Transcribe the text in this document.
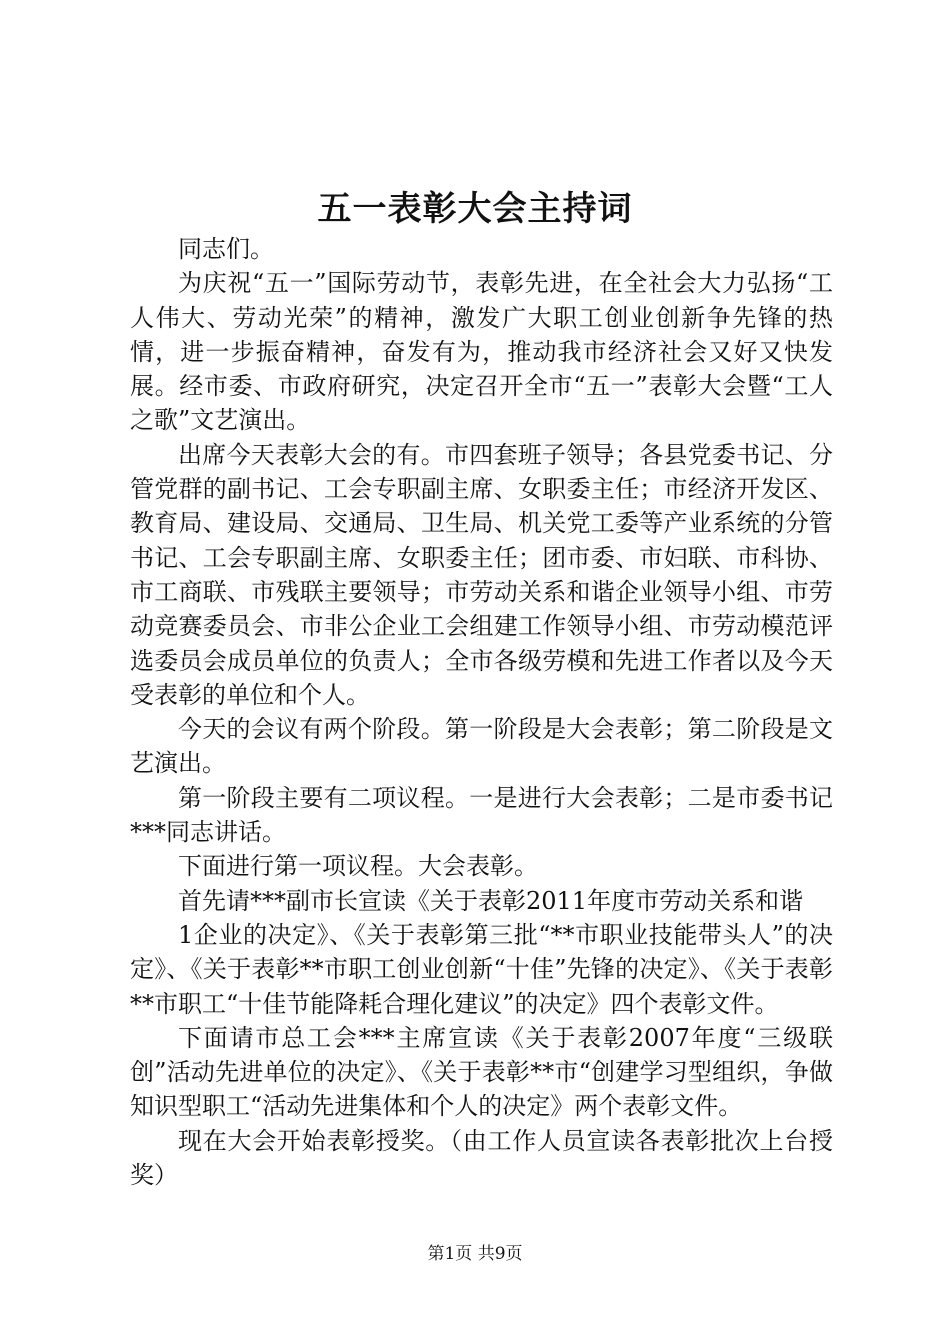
五一表彰大会主持词

同志们。

为庆祝“五一”国际劳动节，表彰先进，在全社会大力弘扬“工人伟大、劳动光荣”的精神，激发广大职工创业创新争先锋的热情，进一步振奋精神，奋发有为，推动我市经济社会又好又快发展。经市委、市政府研究，决定召开全市“五一”表彰大会暨“工人之歌”文艺演出。

出席今天表彰大会的有。市四套班子领导；各县党委书记、分管党群的副书记、工会专职副主席、女职委主任；市经济开发区、教育局、建设局、交通局、卫生局、机关党工委等产业系统的分管书记、工会专职副主席、女职委主任；团市委、市妇联、市科协、市工商联、市残联主要领导；市劳动关系和谐企业领导小组、市劳动竞赛委员会、市非公企业工会组建工作领导小组、市劳动模范评选委员会成员单位的负责人；全市各级劳模和先进工作者以及今天受表彰的单位和个人。

今天的会议有两个阶段。第一阶段是大会表彰；第二阶段是文艺演出。

第一阶段主要有二项议程。一是进行大会表彰；二是市委书记***同志讲话。

下面进行第一项议程。大会表彰。

首先请***副市长宣读《关于表彰2011年度市劳动关系和谐

1企业的决定》、《关于表彰第三批“**市职业技能带头人”的决定》、《关于表彰**市职工创业创新“十佳”先锋的决定》、《关于表彰**市职工“十佳节能降耗合理化建议”的决定》四个表彰文件。

下面请市总工会***主席宣读《关于表彰2007年度“三级联创”活动先进单位的决定》、《关于表彰**市“创建学习型组织，争做知识型职工“活动先进集体和个人的决定》两个表彰文件。

现在大会开始表彰授奖。（由工作人员宣读各表彰批次上台授奖）

第1页 共9页
